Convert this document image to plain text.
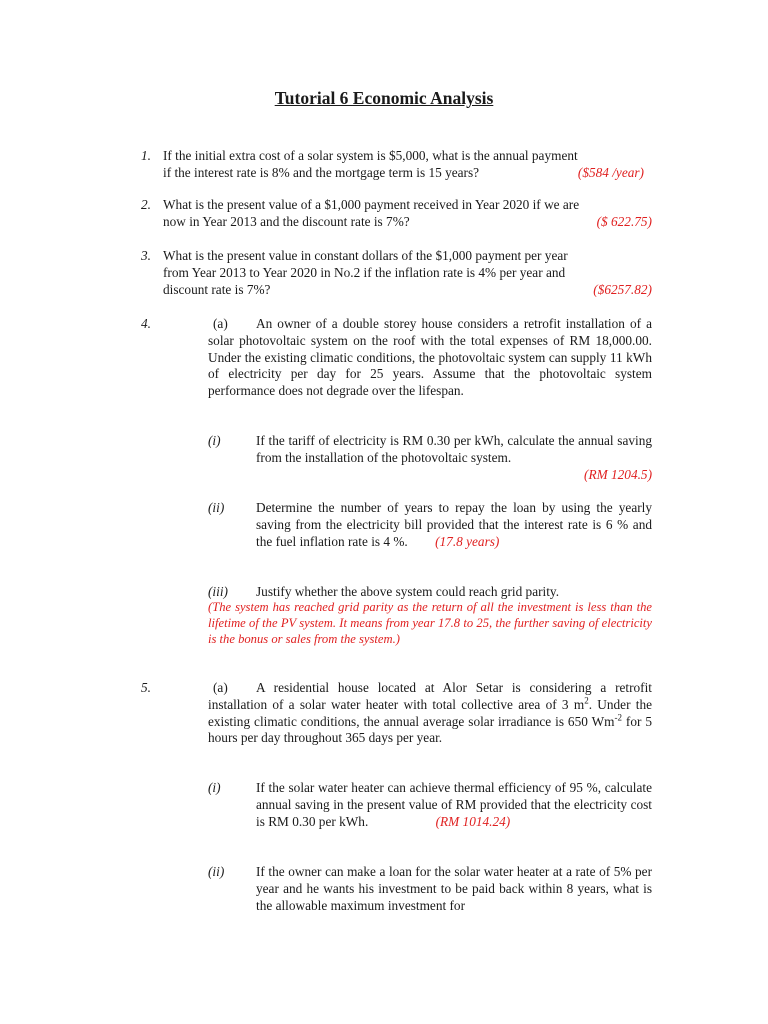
Tutorial 6 Economic Analysis
1. If the initial extra cost of a solar system is $5,000, what is the annual payment
if the interest rate is 8% and the mortgage term is 15 years?	($584 /year)
2. What is the present value of a $1,000 payment received in Year 2020 if we are
now in Year 2013 and the discount rate is 7%?	($ 622.75)
3. What is the present value in constant dollars of the $1,000 payment per year
from Year 2013 to Year 2020 in No.2 if the inflation rate is 4% per year and
discount rate is 7%?	($6257.82)
4.	(a)	An owner of a double storey house considers a retrofit installation of a solar photovoltaic system on the roof with the total expenses of RM 18,000.00. Under the existing climatic conditions, the photovoltaic system can supply 11 kWh of electricity per day for 25 years. Assume that the photovoltaic system performance does not degrade over the lifespan.
(i)	If the tariff of electricity is RM 0.30 per kWh, calculate the annual saving from the installation of the photovoltaic system.
(RM 1204.5)
(ii) Determine the number of years to repay the loan by using the yearly saving from the electricity bill provided that the interest rate is 6 % and the fuel inflation rate is 4 %. (17.8 years)
(iii) Justify whether the above system could reach grid parity.
(The system has reached grid parity as the return of all the investment is less than the lifetime of the PV system. It means from year 17.8 to 25, the further saving of electricity is the bonus or sales from the system.)
5.	(a)	A residential house located at Alor Setar is considering a retrofit installation of a solar water heater with total collective area of 3 $m^2$. Under the existing climatic conditions, the annual average solar irradiance is 650 $Wm^{-2}$ for 5 hours per day throughout 365 days per year.
(i)	If the solar water heater can achieve thermal efficiency of 95 %, calculate annual saving in the present value of RM provided that the electricity cost is RM 0.30 per kWh.	(RM 1014.24)
(ii) If the owner can make a loan for the solar water heater at a rate of 5% per year and he wants his investment to be paid back within 8 years, what is the allowable maximum investment for
